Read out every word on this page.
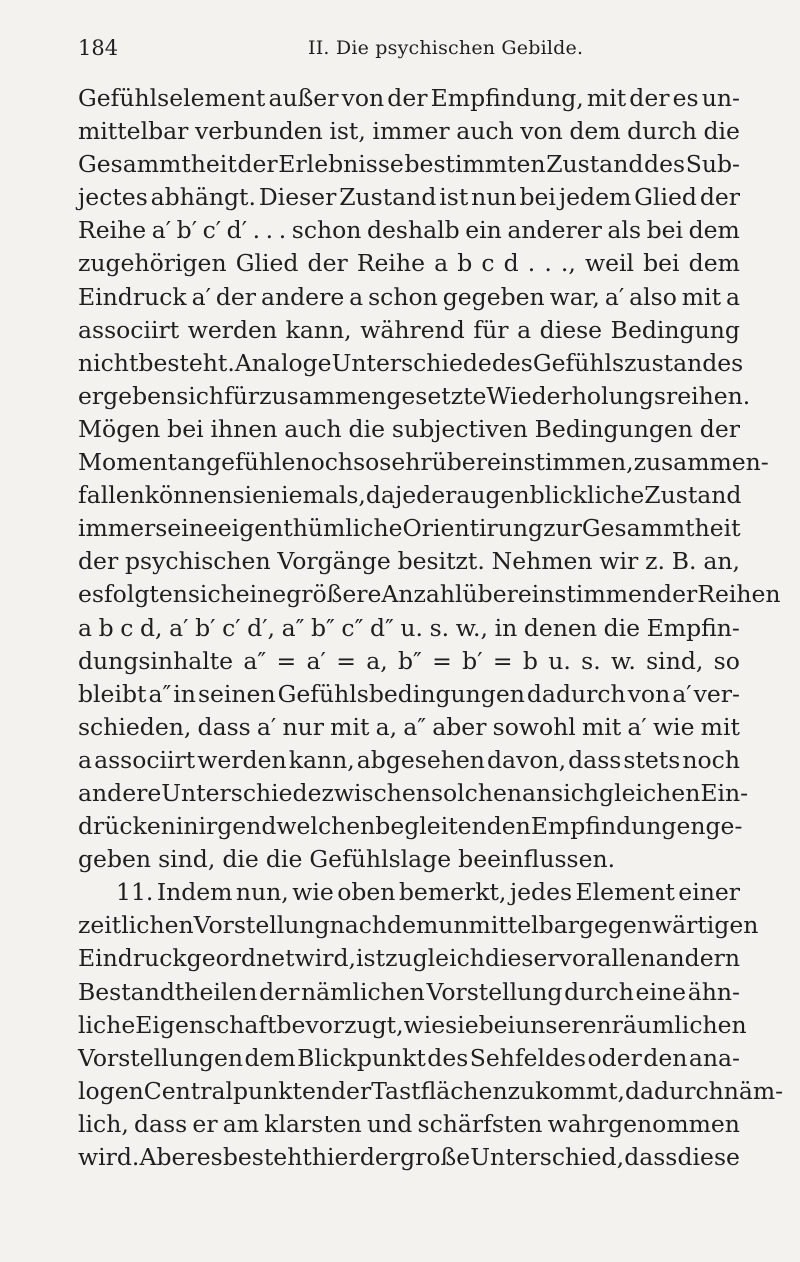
184	II. Die psychischen Gebilde.
Gefühlselement außer von der Empfindung, mit der es un-
mittelbar verbunden ist, immer auch von dem durch die
Gesammtheit der Erlebnisse bestimmten Zustand des Sub-
jectes abhängt. Dieser Zustand ist nun bei jedem Glied der
Reihe a′ b′ c′ d′ . . . schon deshalb ein anderer als bei dem
zugehörigen Glied der Reihe a b c d . . ., weil bei dem
Eindruck a′ der andere a schon gegeben war, a′ also mit a
associirt werden kann, während für a diese Bedingung
nicht besteht. Analoge Unterschiede des Gefühlszustandes
ergeben sich für zusammengesetzte Wiederholungsreihen.
Mögen bei ihnen auch die subjectiven Bedingungen der
Momentangefühle noch so sehr übereinstimmen, zusammen-
fallen können sie niemals, da jeder augenblickliche Zustand
immer seine eigenthümliche Orientirung zur Gesammtheit
der psychischen Vorgänge besitzt. Nehmen wir z. B. an,
es folgten sich eine größere Anzahl übereinstimmender Reihen
a b c d, a′ b′ c′ d′, a″ b″ c″ d″ u. s. w., in denen die Empfin-
dungsinhalte a″ = a′ = a, b″ = b′ = b u. s. w. sind, so
bleibt a″ in seinen Gefühlsbedingungen dadurch von a′ ver-
schieden, dass a′ nur mit a, a″ aber sowohl mit a′ wie mit
a associirt werden kann, abgesehen davon, dass stets noch
andere Unterschiede zwischen solchen an sich gleichen Ein-
drücken in irgend welchen begleitenden Empfindungen ge-
geben sind, die die Gefühlslage beeinflussen.
11. Indem nun, wie oben bemerkt, jedes Element einer
zeitlichen Vorstellung nach dem unmittelbar gegenwärtigen
Eindruck geordnet wird, ist zugleich dieser vor allen andern
Bestandtheilen der nämlichen Vorstellung durch eine ähn-
liche Eigenschaft bevorzugt, wie sie bei unseren räumlichen
Vorstellungen dem Blickpunkt des Sehfeldes oder den ana-
logen Centralpunkten der Tastflächen zukommt, dadurch näm-
lich, dass er am klarsten und schärfsten wahrgenommen
wird. Aber es besteht hier der große Unterschied, dass diese
